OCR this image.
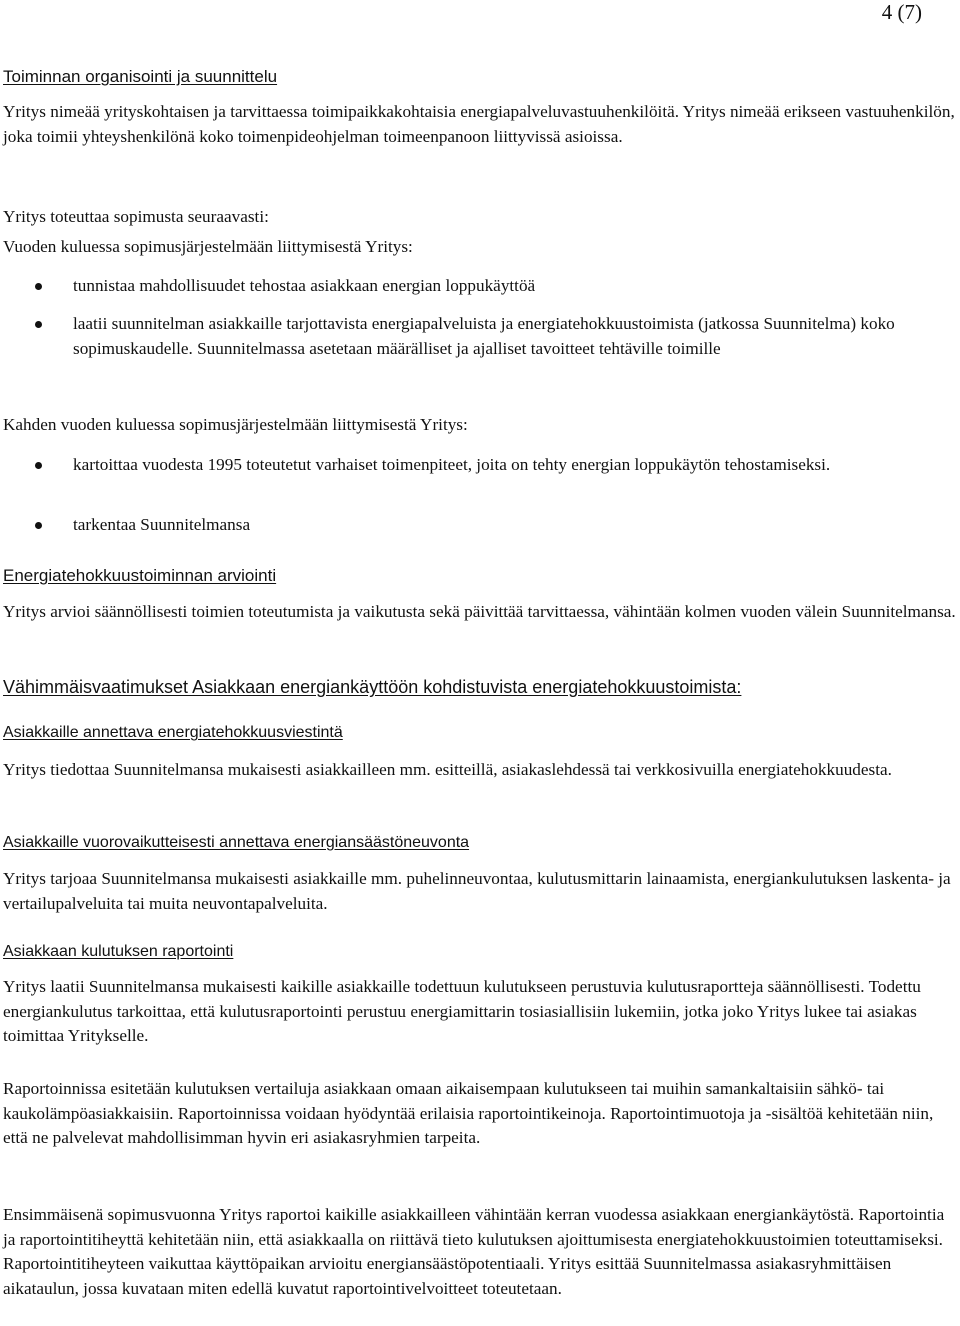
4 (7)
Toiminnan organisointi ja suunnittelu

Yritys nimeää yrityskohtaisen ja tarvittaessa toimipaikkakohtaisia energiapalveluvastuuhenkilöitä. Yritys nimeää erikseen vastuuhenkilön, joka toimii yhteyshenkilönä koko toimenpideohjelman toimeenpanoon liittyvissä asioissa.

Yritys toteuttaa sopimusta seuraavasti:

Vuoden kuluessa sopimusjärjestelmään liittymisestä Yritys:

tunnistaa mahdollisuudet tehostaa asiakkaan energian loppukäyttöä

laatii suunnitelman asiakkaille tarjottavista energiapalveluista ja energiatehokkuustoimista (jatkossa Suunnitelma) koko sopimuskaudelle. Suunnitelmassa asetetaan määrälliset ja ajalliset tavoitteet tehtäville toimille

Kahden vuoden kuluessa sopimusjärjestelmään liittymisestä Yritys:

kartoittaa vuodesta 1995 toteutetut varhaiset toimenpiteet, joita on tehty energian loppukäytön tehostamiseksi.

tarkentaa Suunnitelmansa

Energiatehokkuustoiminnan arviointi

Yritys arvioi säännöllisesti toimien toteutumista ja vaikutusta sekä päivittää tarvittaessa, vähintään kolmen vuoden välein Suunnitelmansa.

Vähimmäisvaatimukset Asiakkaan energiankäyttöön kohdistuvista energiatehokkuustoimista:
Asiakkaille annettava energiatehokkuusviestintä

Yritys tiedottaa Suunnitelmansa mukaisesti asiakkailleen mm. esitteillä, asiakaslehdessä tai verkkosivuilla energiatehokkuudesta.

Asiakkaille vuorovaikutteisesti annettava energiansäästöneuvonta

Yritys tarjoaa Suunnitelmansa mukaisesti asiakkaille mm. puhelinneuvontaa, kulutusmittarin lainaamista, energiankulutuksen laskenta- ja vertailupalveluita tai muita neuvontapalveluita.

Asiakkaan kulutuksen raportointi

Yritys laatii Suunnitelmansa mukaisesti kaikille asiakkaille todettuun kulutukseen perustuvia kulutusraportteja säännöllisesti. Todettu energiankulutus tarkoittaa, että kulutusraportointi perustuu energiamittarin tosiasiallisiin lukemiin, jotka joko Yritys lukee tai asiakas toimittaa Yritykselle.

Raportoinnissa esitetään kulutuksen vertailuja asiakkaan omaan aikaisempaan kulutukseen tai muihin samankaltaisiin sähkö- tai kaukolämpöasiakkaisiin. Raportoinnissa voidaan hyödyntää erilaisia raportointikeinoja. Raportointimuotoja ja -sisältöä kehitetään niin, että ne palvelevat mahdollisimman hyvin eri asiakasryhmien tarpeita.

Ensimmäisenä sopimusvuonna Yritys raportoi kaikille asiakkailleen vähintään kerran vuodessa asiakkaan energiankäytöstä. Raportointia ja raportointitiheyttä kehitetään niin, että asiakkaalla on riittävä tieto kulutuksen ajoittumisesta energiatehokkuustoimien toteuttamiseksi. Raportointitiheyteen vaikuttaa käyttöpaikan arvioitu energiansäästöpotentiaali. Yritys esittää Suunnitelmassa asiakasryhmittäisen aikataulun, jossa kuvataan miten edellä kuvatut raportointivelvoitteet toteutetaan.
